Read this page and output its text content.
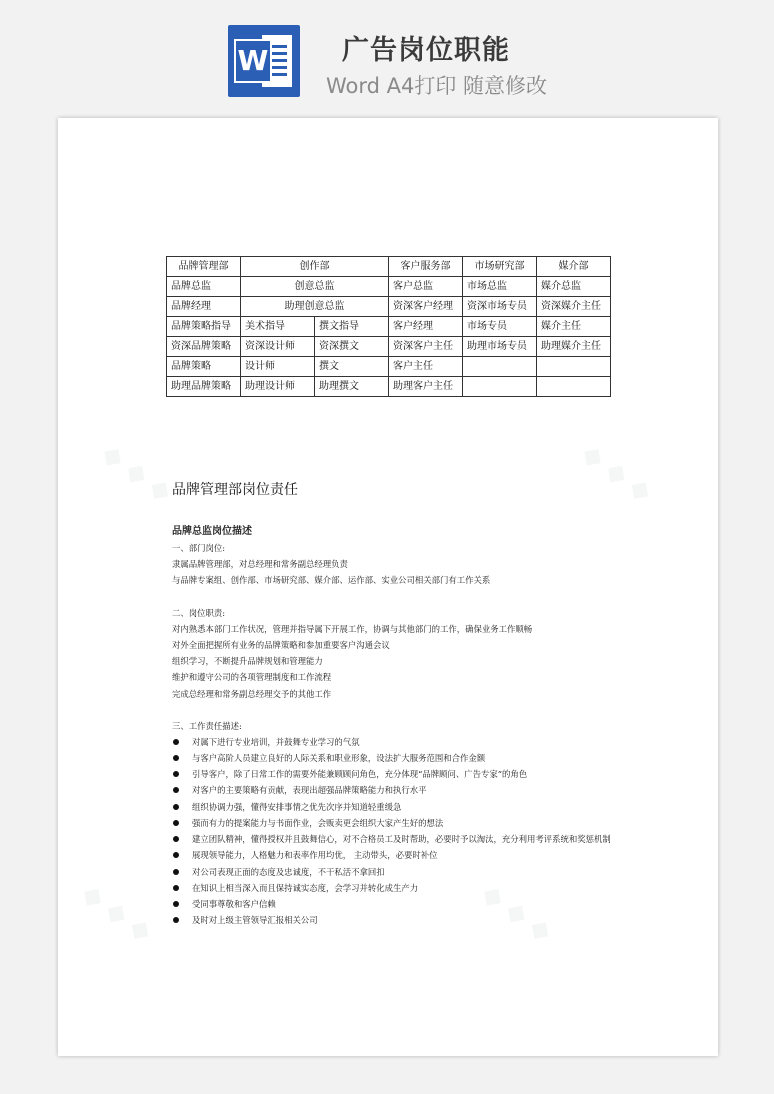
W	广告岗位职能
Word A4打印 随意修改
◆ ◆ ◆	◆ ◆ ◆
◆ ◆ ◆	◆ ◆ ◆
品牌管理部	创作部		客户服务部	市场研究部	媒介部
品牌总监	创意总监		客户总监	市场总监	媒介总监
品牌经理	助理创意总监		资深客户经理	资深市场专员	资深媒介主任
品牌策略指导	美术指导	撰文指导	客户经理	市场专员	媒介主任
资深品牌策略	资深设计师	资深撰文	资深客户主任	助理市场专员	助理媒介主任
品牌策略	设计师	撰文	客户主任		
助理品牌策略	助理设计师	助理撰文	助理客户主任		
品牌管理部岗位责任
品牌总监岗位描述
一、部门岗位:
隶属品牌管理部，对总经理和常务副总经理负责
与品牌专案组、创作部、市场研究部、媒介部、运作部、实业公司相关部门有工作关系
二、岗位职责:
对内熟悉本部门工作状况，管理并指导属下开展工作，协调与其他部门的工作，确保业务工作顺畅
对外全面把握所有业务的品牌策略和参加重要客户沟通会议
组织学习，不断提升品牌规划和管理能力
维护和遵守公司的各项管理制度和工作流程
完成总经理和常务副总经理交予的其他工作
三、工作责任描述:
对属下进行专业培训，并鼓舞专业学习的气氛
与客户高阶人员建立良好的人际关系和职业形象，设法扩大服务范围和合作金额
引导客户，除了日常工作的需要外能兼顾顾问角色，充分体现“品牌顾问、广告专家”的角色
对客户的主要策略有贡献，表现出超强品牌策略能力和执行水平
组织协调力强，懂得安排事情之优先次序并知道轻重缓急
强而有力的提案能力与书面作业，会贩卖更会组织大家产生好的想法
建立团队精神，懂得授权并且鼓舞信心，对不合格员工及时帮助，必要时予以淘汰，充分利用考评系统和奖惩机制
展现领导能力，人格魅力和表率作用均优， 主动带头，必要时补位
对公司表现正面的态度及忠诚度，不干私活不拿回扣
在知识上相当深入而且保持诚实态度，会学习并转化成生产力
受同事尊敬和客户信赖
及时对上级主管领导汇报相关公司
